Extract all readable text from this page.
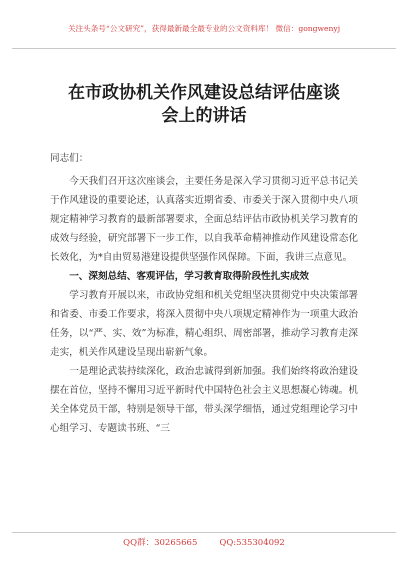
关注头条号“公文研究”，获得最新最全最专业的公文资料库！ 微信：gongwenyj
在市政协机关作风建设总结评估座谈
会上的讲话

同志们：

今天我们召开这次座谈会，主要任务是深入学习贯彻习近平总书记关于作风建设的重要论述，认真落实近期省委、市委关于深入贯彻中央八项规定精神学习教育的最新部署要求，全面总结评估市政协机关学习教育的成效与经验，研究部署下一步工作，以自我革命精神推动作风建设常态化长效化，为*自由贸易港建设提供坚强作风保障。下面，我讲三点意见。

一、深刻总结、客观评估，学习教育取得阶段性扎实成效

学习教育开展以来，市政协党组和机关党组坚决贯彻党中央决策部署和省委、市委工作要求，将深入贯彻中央八项规定精神作为一项重大政治任务，以“严、实、效”为标准，精心组织、周密部署，推动学习教育走深走实，机关作风建设呈现出崭新气象。

一是理论武装持续深化，政治忠诚得到新加强。我们始终将政治建设摆在首位，坚持不懈用习近平新时代中国特色社会主义思想凝心铸魂。机关全体党员干部，特别是领导干部，带头深学细悟，通过党组理论学习中心组学习、专题读书班、“三

QQ群：30265665	QQ:535304092
